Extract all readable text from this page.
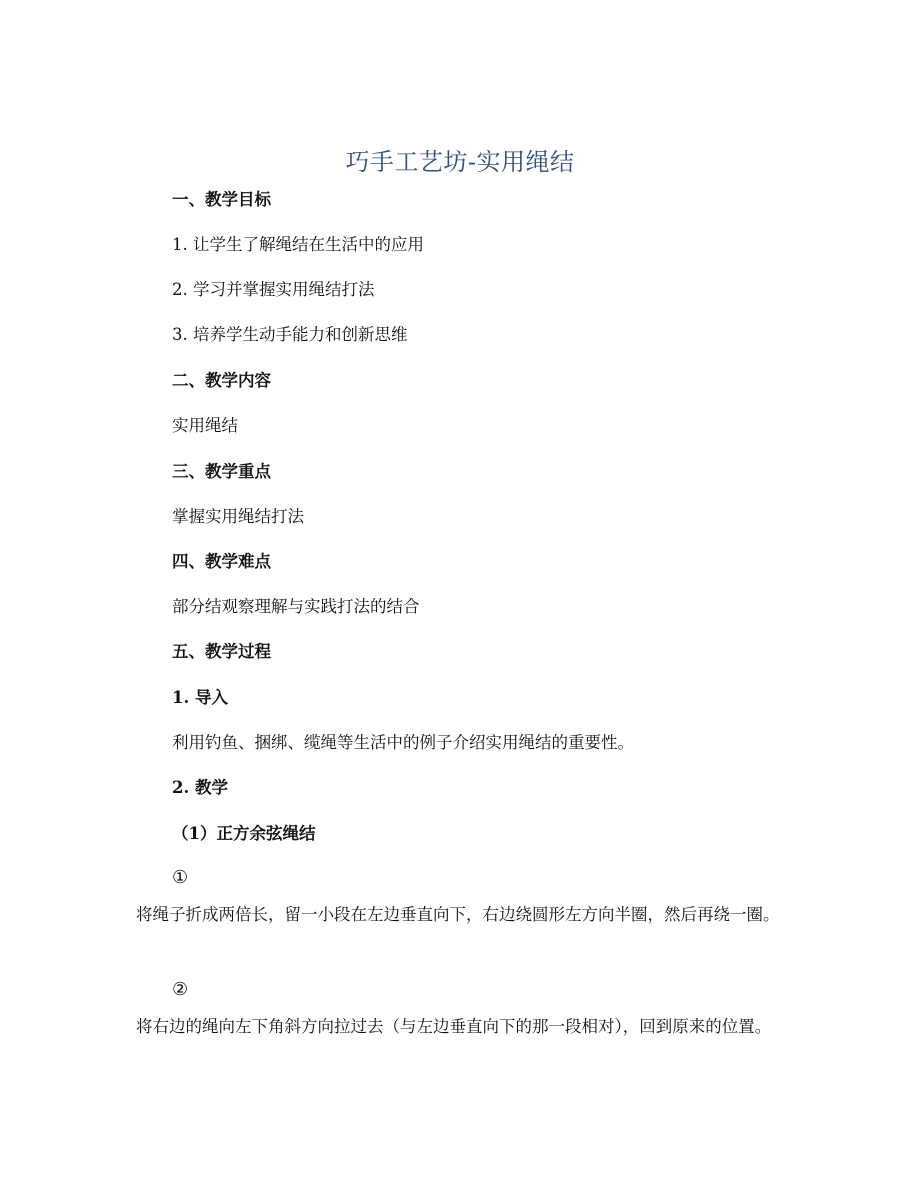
巧手工艺坊-实用绳结
一、教学目标
1. 让学生了解绳结在生活中的应用
2. 学习并掌握实用绳结打法
3. 培养学生动手能力和创新思维
二、教学内容
实用绳结
三、教学重点
掌握实用绳结打法
四、教学难点
部分结观察理解与实践打法的结合
五、教学过程
1. 导入
利用钓鱼、捆绑、缆绳等生活中的例子介绍实用绳结的重要性。
2. 教学
（1）正方余弦绳结
①
将绳子折成两倍长，留一小段在左边垂直向下，右边绕圆形左方向半圈，然后再绕一圈。
②
将右边的绳向左下角斜方向拉过去（与左边垂直向下的那一段相对），回到原来的位置。
